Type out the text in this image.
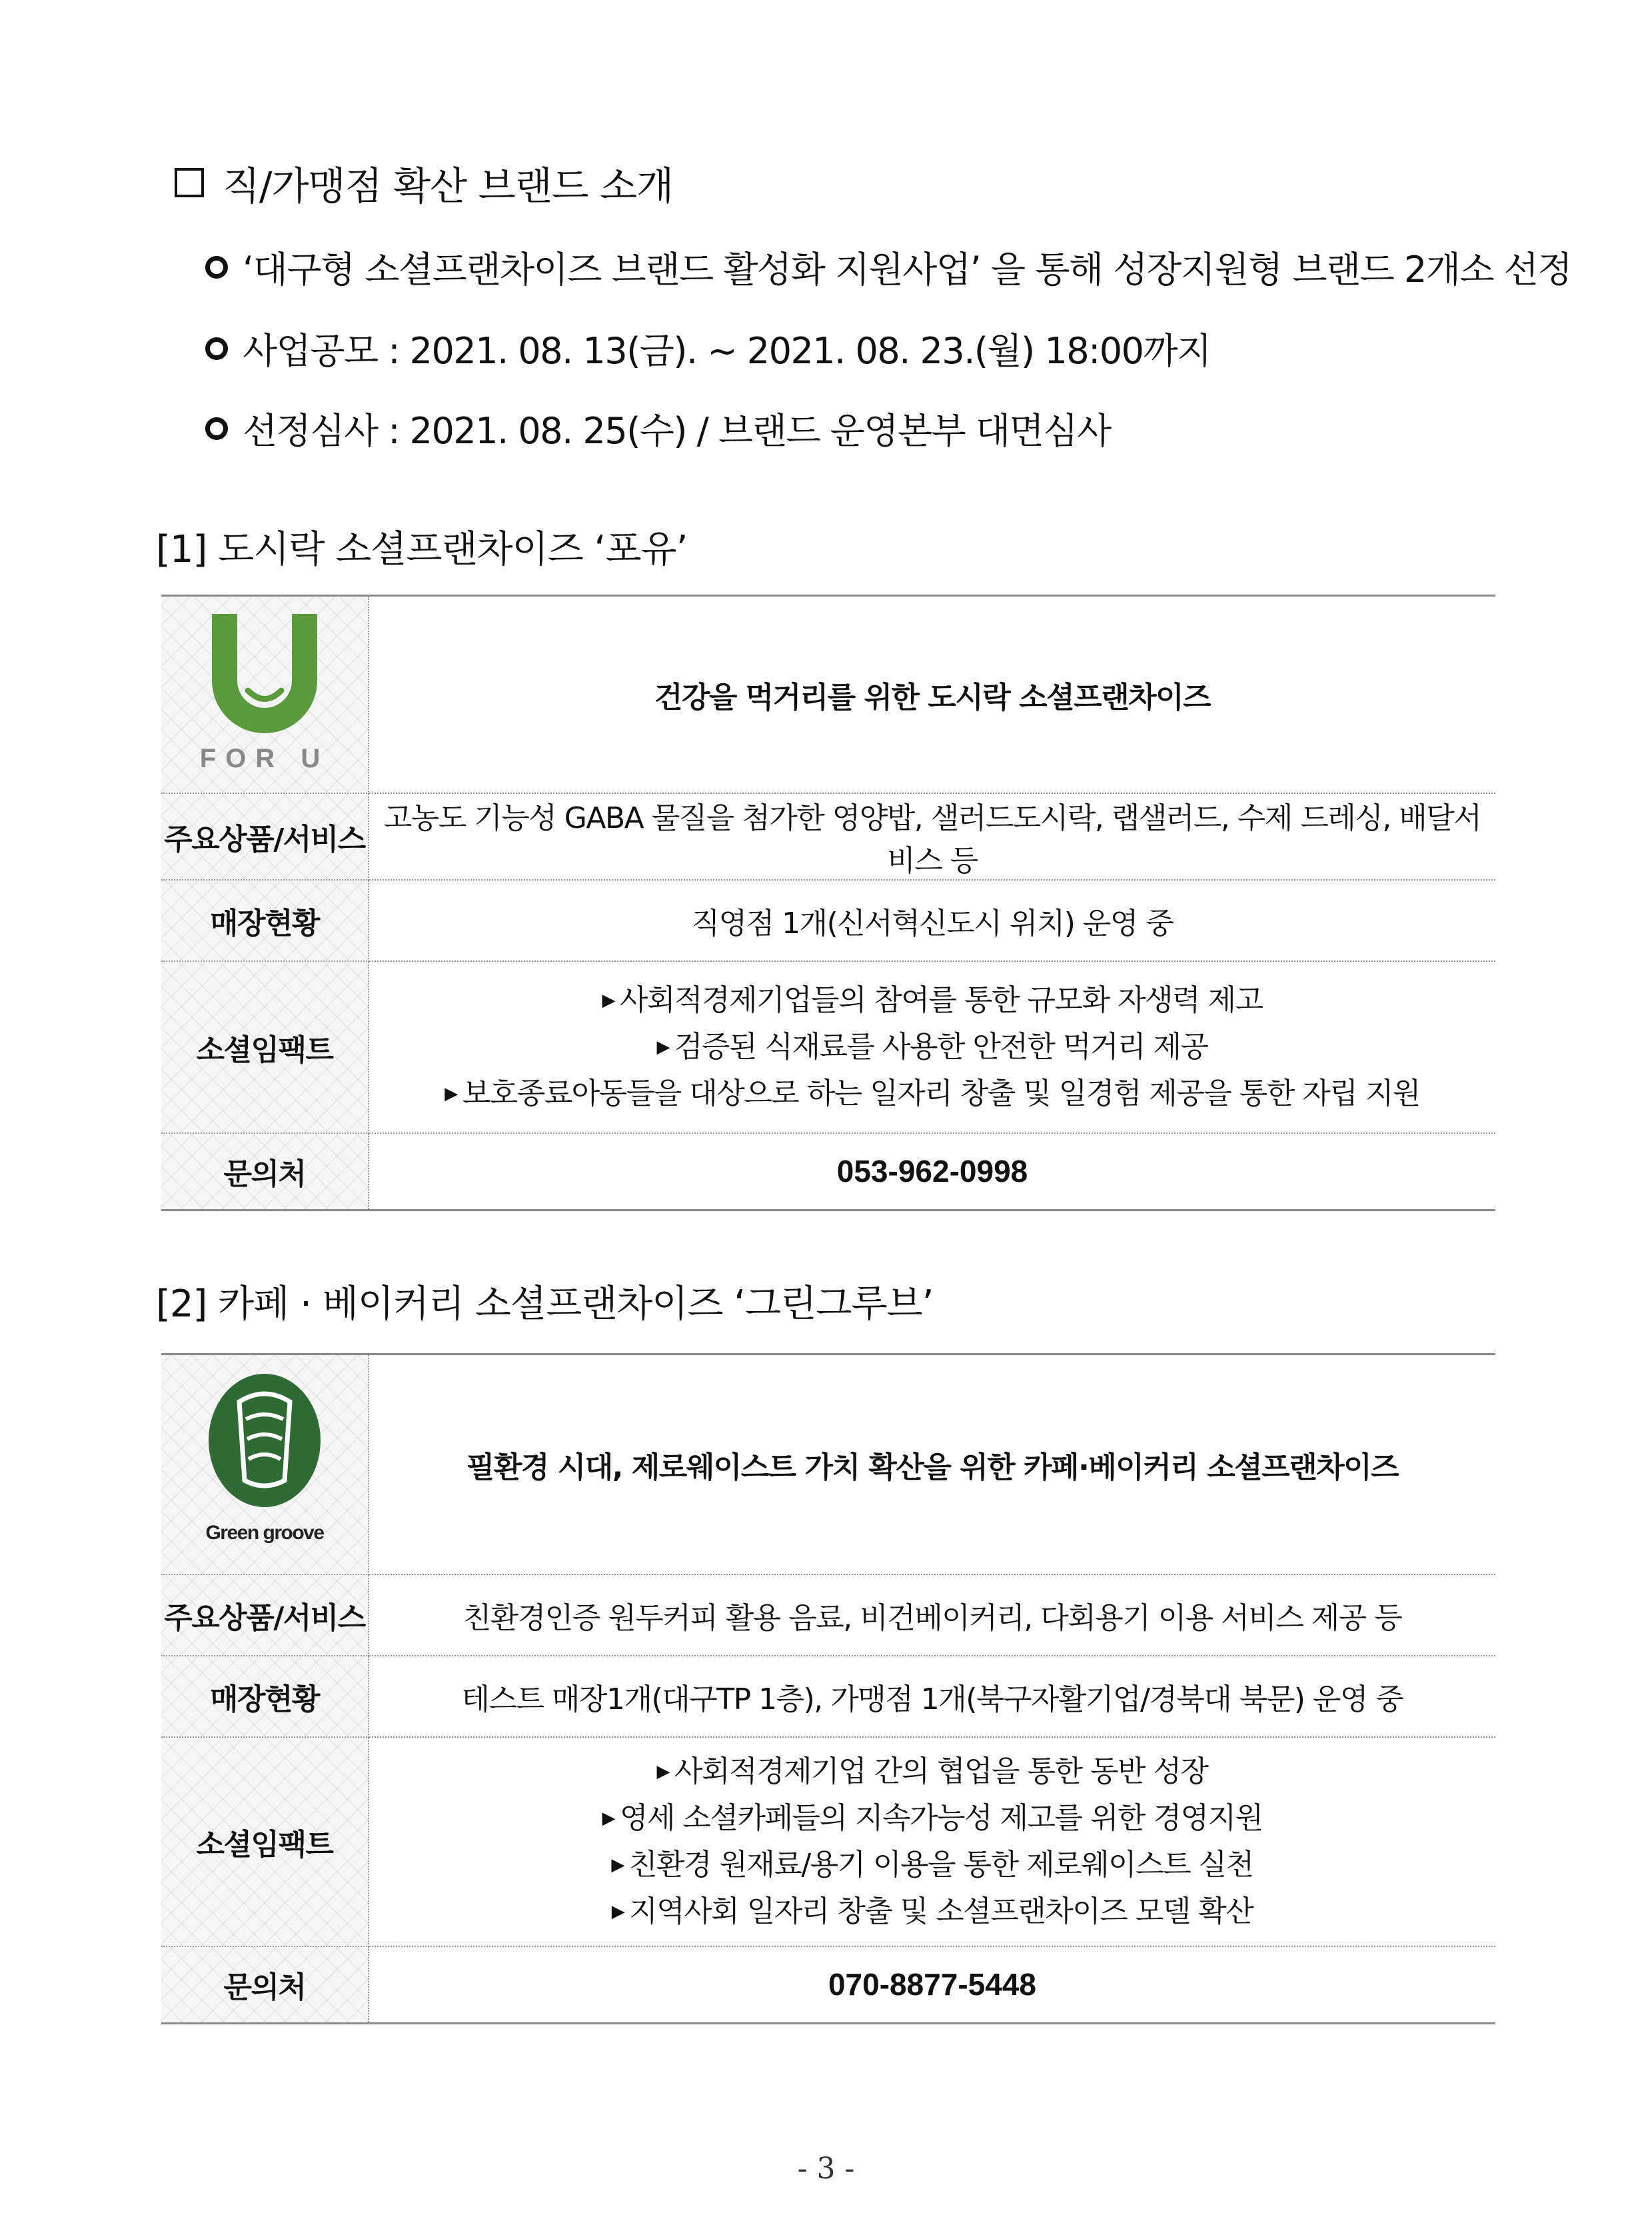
직/가맹점 확산 브랜드 소개
‘대구형 소셜프랜차이즈 브랜드 활성화 지원사업’ 을 통해 성장지원형 브랜드 2개소 선정
사업공모 : 2021. 08. 13(금). ~ 2021. 08. 23.(월) 18:00까지
선정심사 : 2021. 08. 25(수) / 브랜드 운영본부 대면심사
[1] 도시락 소셜프랜차이즈 ‘포유’
FOR U	건강을 먹거리를 위한 도시락 소셜프랜차이즈
주요상품/서비스	고농도 기능성 GABA 물질을 첨가한 영양밥, 샐러드도시락, 랩샐러드, 수제 드레싱, 배달서비스 등
매장현황	직영점 1개(신서혁신도시 위치) 운영 중
소셜임팩트	▶ 사회적경제기업들의 참여를 통한 규모화 자생력 제고
▶ 검증된 식재료를 사용한 안전한 먹거리 제공
▶ 보호종료아동들을 대상으로 하는 일자리 창출 및 일경험 제공을 통한 자립 지원

문의처	053-962-0998
[2] 카페 · 베이커리 소셜프랜차이즈 ‘그린그루브’
Green groove	필환경 시대, 제로웨이스트 가치 확산을 위한 카페·베이커리 소셜프랜차이즈
주요상품/서비스	친환경인증 원두커피 활용 음료, 비건베이커리, 다회용기 이용 서비스 제공 등
매장현황	테스트 매장1개(대구TP 1층), 가맹점 1개(북구자활기업/경북대 북문) 운영 중
소셜임팩트	▶ 사회적경제기업 간의 협업을 통한 동반 성장
▶ 영세 소셜카페들의 지속가능성 제고를 위한 경영지원
▶ 친환경 원재료/용기 이용을 통한 제로웨이스트 실천
▶ 지역사회 일자리 창출 및 소셜프랜차이즈 모델 확산

문의처	070-8877-5448
- 3 -
